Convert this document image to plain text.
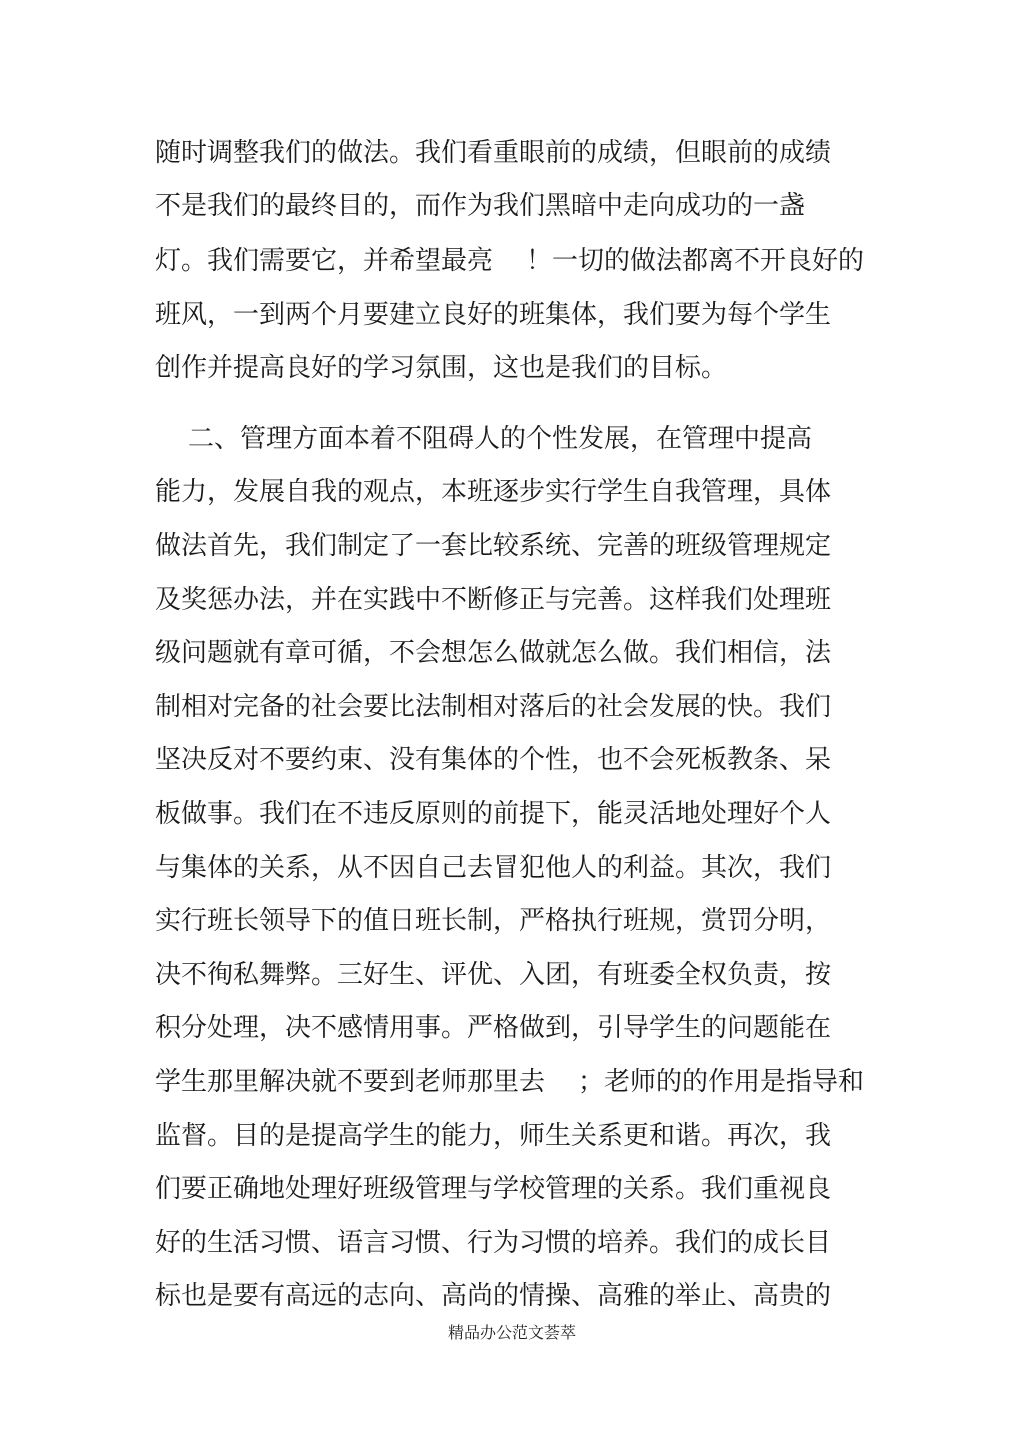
随时调整我们的做法。我们看重眼前的成绩，但眼前的成绩
不是我们的最终目的，而作为我们黑暗中走向成功的一盏
灯。我们需要它，并希望最亮    ！一切的做法都离不开良好的
班风，一到两个月要建立良好的班集体，我们要为每个学生
创作并提高良好的学习氛围，这也是我们的目标。
二、管理方面本着不阻碍人的个性发展，在管理中提高
能力，发展自我的观点，本班逐步实行学生自我管理，具体
做法首先，我们制定了一套比较系统、完善的班级管理规定
及奖惩办法，并在实践中不断修正与完善。这样我们处理班
级问题就有章可循，不会想怎么做就怎么做。我们相信，法
制相对完备的社会要比法制相对落后的社会发展的快。我们
坚决反对不要约束、没有集体的个性，也不会死板教条、呆
板做事。我们在不违反原则的前提下，能灵活地处理好个人
与集体的关系，从不因自己去冒犯他人的利益。其次，我们
实行班长领导下的值日班长制，严格执行班规，赏罚分明，
决不徇私舞弊。三好生、评优、入团，有班委全权负责，按
积分处理，决不感情用事。严格做到，引导学生的问题能在
学生那里解决就不要到老师那里去    ；老师的的作用是指导和
监督。目的是提高学生的能力，师生关系更和谐。再次，我
们要正确地处理好班级管理与学校管理的关系。我们重视良
好的生活习惯、语言习惯、行为习惯的培养。我们的成长目
标也是要有高远的志向、高尚的情操、高雅的举止、高贵的
精品办公范文荟萃
